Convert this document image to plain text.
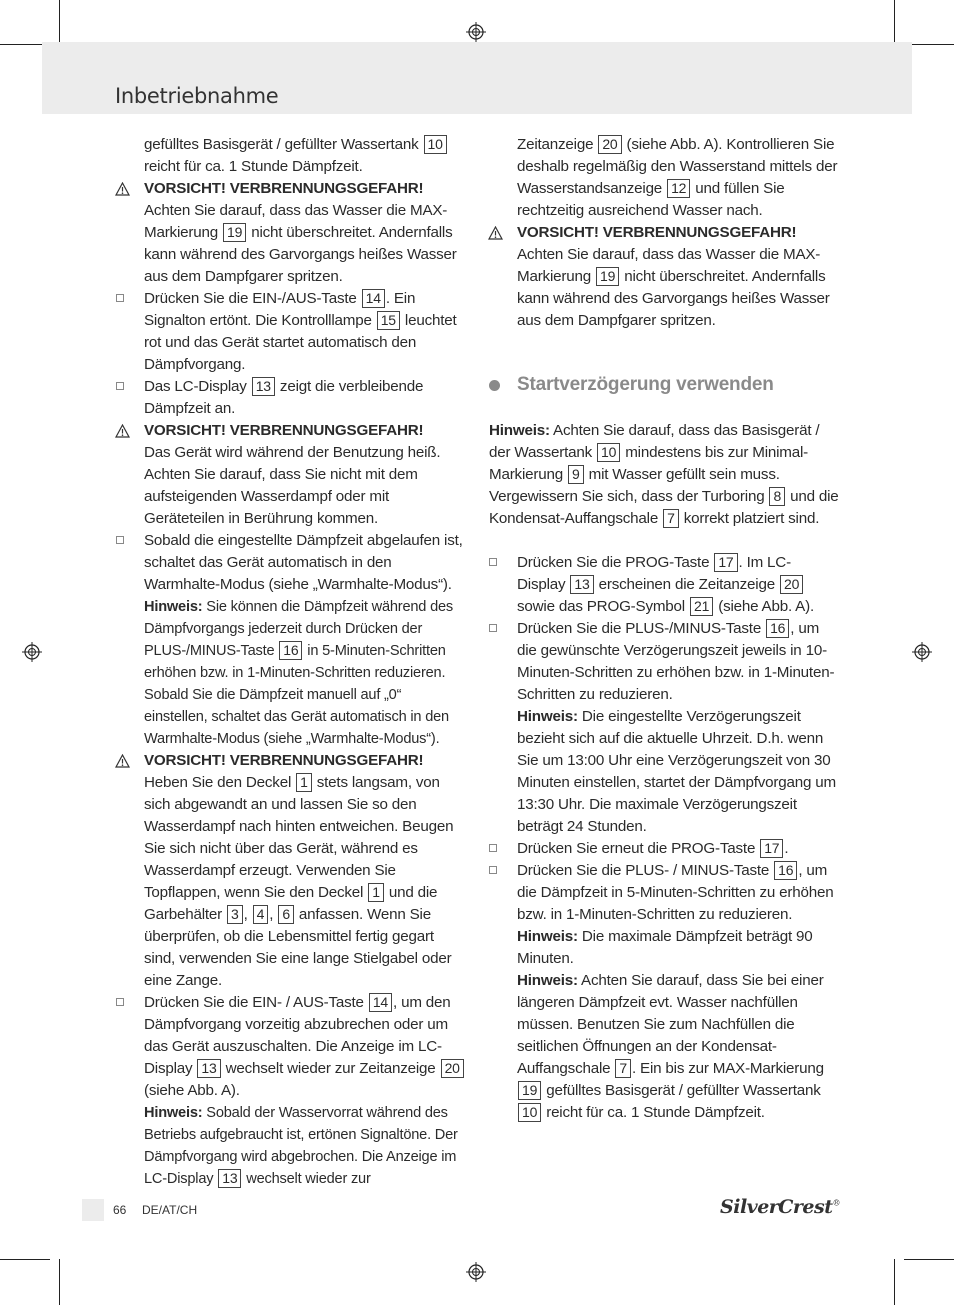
Inbetriebnahme

gefülltes Basisgerät / gefüllter Wassertank 10 reicht für ca. 1 Stunde Dämpfzeit.

VORSICHT! VERBRENNUNGSGEFAHR!

Achten Sie darauf, dass das Wasser die MAX-Markierung 19 nicht überschreitet. Andernfalls kann während des Garvorgangs heißes Wasser aus dem Dampfgarer spritzen.

Drücken Sie die EIN-/AUS-Taste 14 . Ein Signalton ertönt. Die Kontrolllampe 15 leuchtet rot und das Gerät startet automatisch den Dämpfvorgang.

Das LC-Display 13 zeigt die verbleibende Dämpfzeit an.

VORSICHT! VERBRENNUNGSGEFAHR!

Das Gerät wird während der Benutzung heiß. Achten Sie darauf, dass Sie nicht mit dem aufsteigenden Wasserdampf oder mit Geräteteilen in Berührung kommen.

Sobald die eingestellte Dämpfzeit abgelaufen ist, schaltet das Gerät automatisch in den Warmhalte-Modus (siehe „Warmhalte-Modus“).

Hinweis: Sie können die Dämpfzeit während des Dämpfvorgangs jederzeit durch Drücken der PLUS-/MINUS-Taste 16 in 5-Minuten-Schritten erhöhen bzw. in 1-Minuten-Schritten reduzieren. Sobald Sie die Dämpfzeit manuell auf „0“ einstellen, schaltet das Gerät automatisch in den Warmhalte-Modus (siehe „Warmhalte-Modus“).

VORSICHT! VERBRENNUNGSGEFAHR!

Heben Sie den Deckel 1 stets langsam, von sich abgewandt an und lassen Sie so den Wasserdampf nach hinten entweichen. Beugen Sie sich nicht über das Gerät, während es Wasserdampf erzeugt. Verwenden Sie Topflappen, wenn Sie den Deckel 1 und die Garbehälter 3 , 4 , 6 anfassen. Wenn Sie überprüfen, ob die Lebensmittel fertig gegart sind, verwenden Sie eine lange Stielgabel oder eine Zange.

Drücken Sie die EIN- / AUS-Taste 14 , um den Dämpfvorgang vorzeitig abzubrechen oder um das Gerät auszuschalten. Die Anzeige im LC-Display 13 wechselt wieder zur Zeitanzeige 20 (siehe Abb. A).

Hinweis: Sobald der Wasservorrat während des Betriebs aufgebraucht ist, ertönen Signaltöne. Der Dämpfvorgang wird abgebrochen. Die Anzeige im LC-Display 13 wechselt wieder zur

Zeitanzeige 20 (siehe Abb. A). Kontrollieren Sie deshalb regelmäßig den Wasserstand mittels der Wasserstandsanzeige 12 und füllen Sie rechtzeitig ausreichend Wasser nach.

VORSICHT! VERBRENNUNGSGEFAHR!

Achten Sie darauf, dass das Wasser die MAX-Markierung 19 nicht überschreitet. Andernfalls kann während des Garvorgangs heißes Wasser aus dem Dampfgarer spritzen.

Startverzögerung verwenden

Hinweis: Achten Sie darauf, dass das Basisgerät / der Wassertank 10 mindestens bis zur Minimal-Markierung 9 mit Wasser gefüllt sein muss. Vergewissern Sie sich, dass der Turboring 8 und die Kondensat-Auffangschale 7 korrekt platziert sind.

Drücken Sie die PROG-Taste 17 . Im LC-Display 13 erscheinen die Zeitanzeige 20 sowie das PROG-Symbol 21 (siehe Abb. A).

Drücken Sie die PLUS-/MINUS-Taste 16 , um die gewünschte Verzögerungszeit jeweils in 10-Minuten-Schritten zu erhöhen bzw. in 1-Minuten-Schritten zu reduzieren.

Hinweis: Die eingestellte Verzögerungszeit bezieht sich auf die aktuelle Uhrzeit. D.h. wenn Sie um 13:00 Uhr eine Verzögerungszeit von 30 Minuten einstellen, startet der Dämpfvorgang um 13:30 Uhr. Die maximale Verzögerungszeit beträgt 24 Stunden.

Drücken Sie erneut die PROG-Taste 17 .

Drücken Sie die PLUS- / MINUS-Taste 16 , um die Dämpfzeit in 5-Minuten-Schritten zu erhöhen bzw. in 1-Minuten-Schritten zu reduzieren.

Hinweis: Die maximale Dämpfzeit beträgt 90 Minuten.

Hinweis: Achten Sie darauf, dass Sie bei einer längeren Dämpfzeit evt. Wasser nachfüllen müssen. Benutzen Sie zum Nachfüllen die seitlichen Öffnungen an der Kondensat-Auffangschale 7 . Ein bis zur MAX-Markierung 19 gefülltes Basisgerät / gefüllter Wassertank 10 reicht für ca. 1 Stunde Dämpfzeit.

66 DE/AT/CH	SilverCrest®
